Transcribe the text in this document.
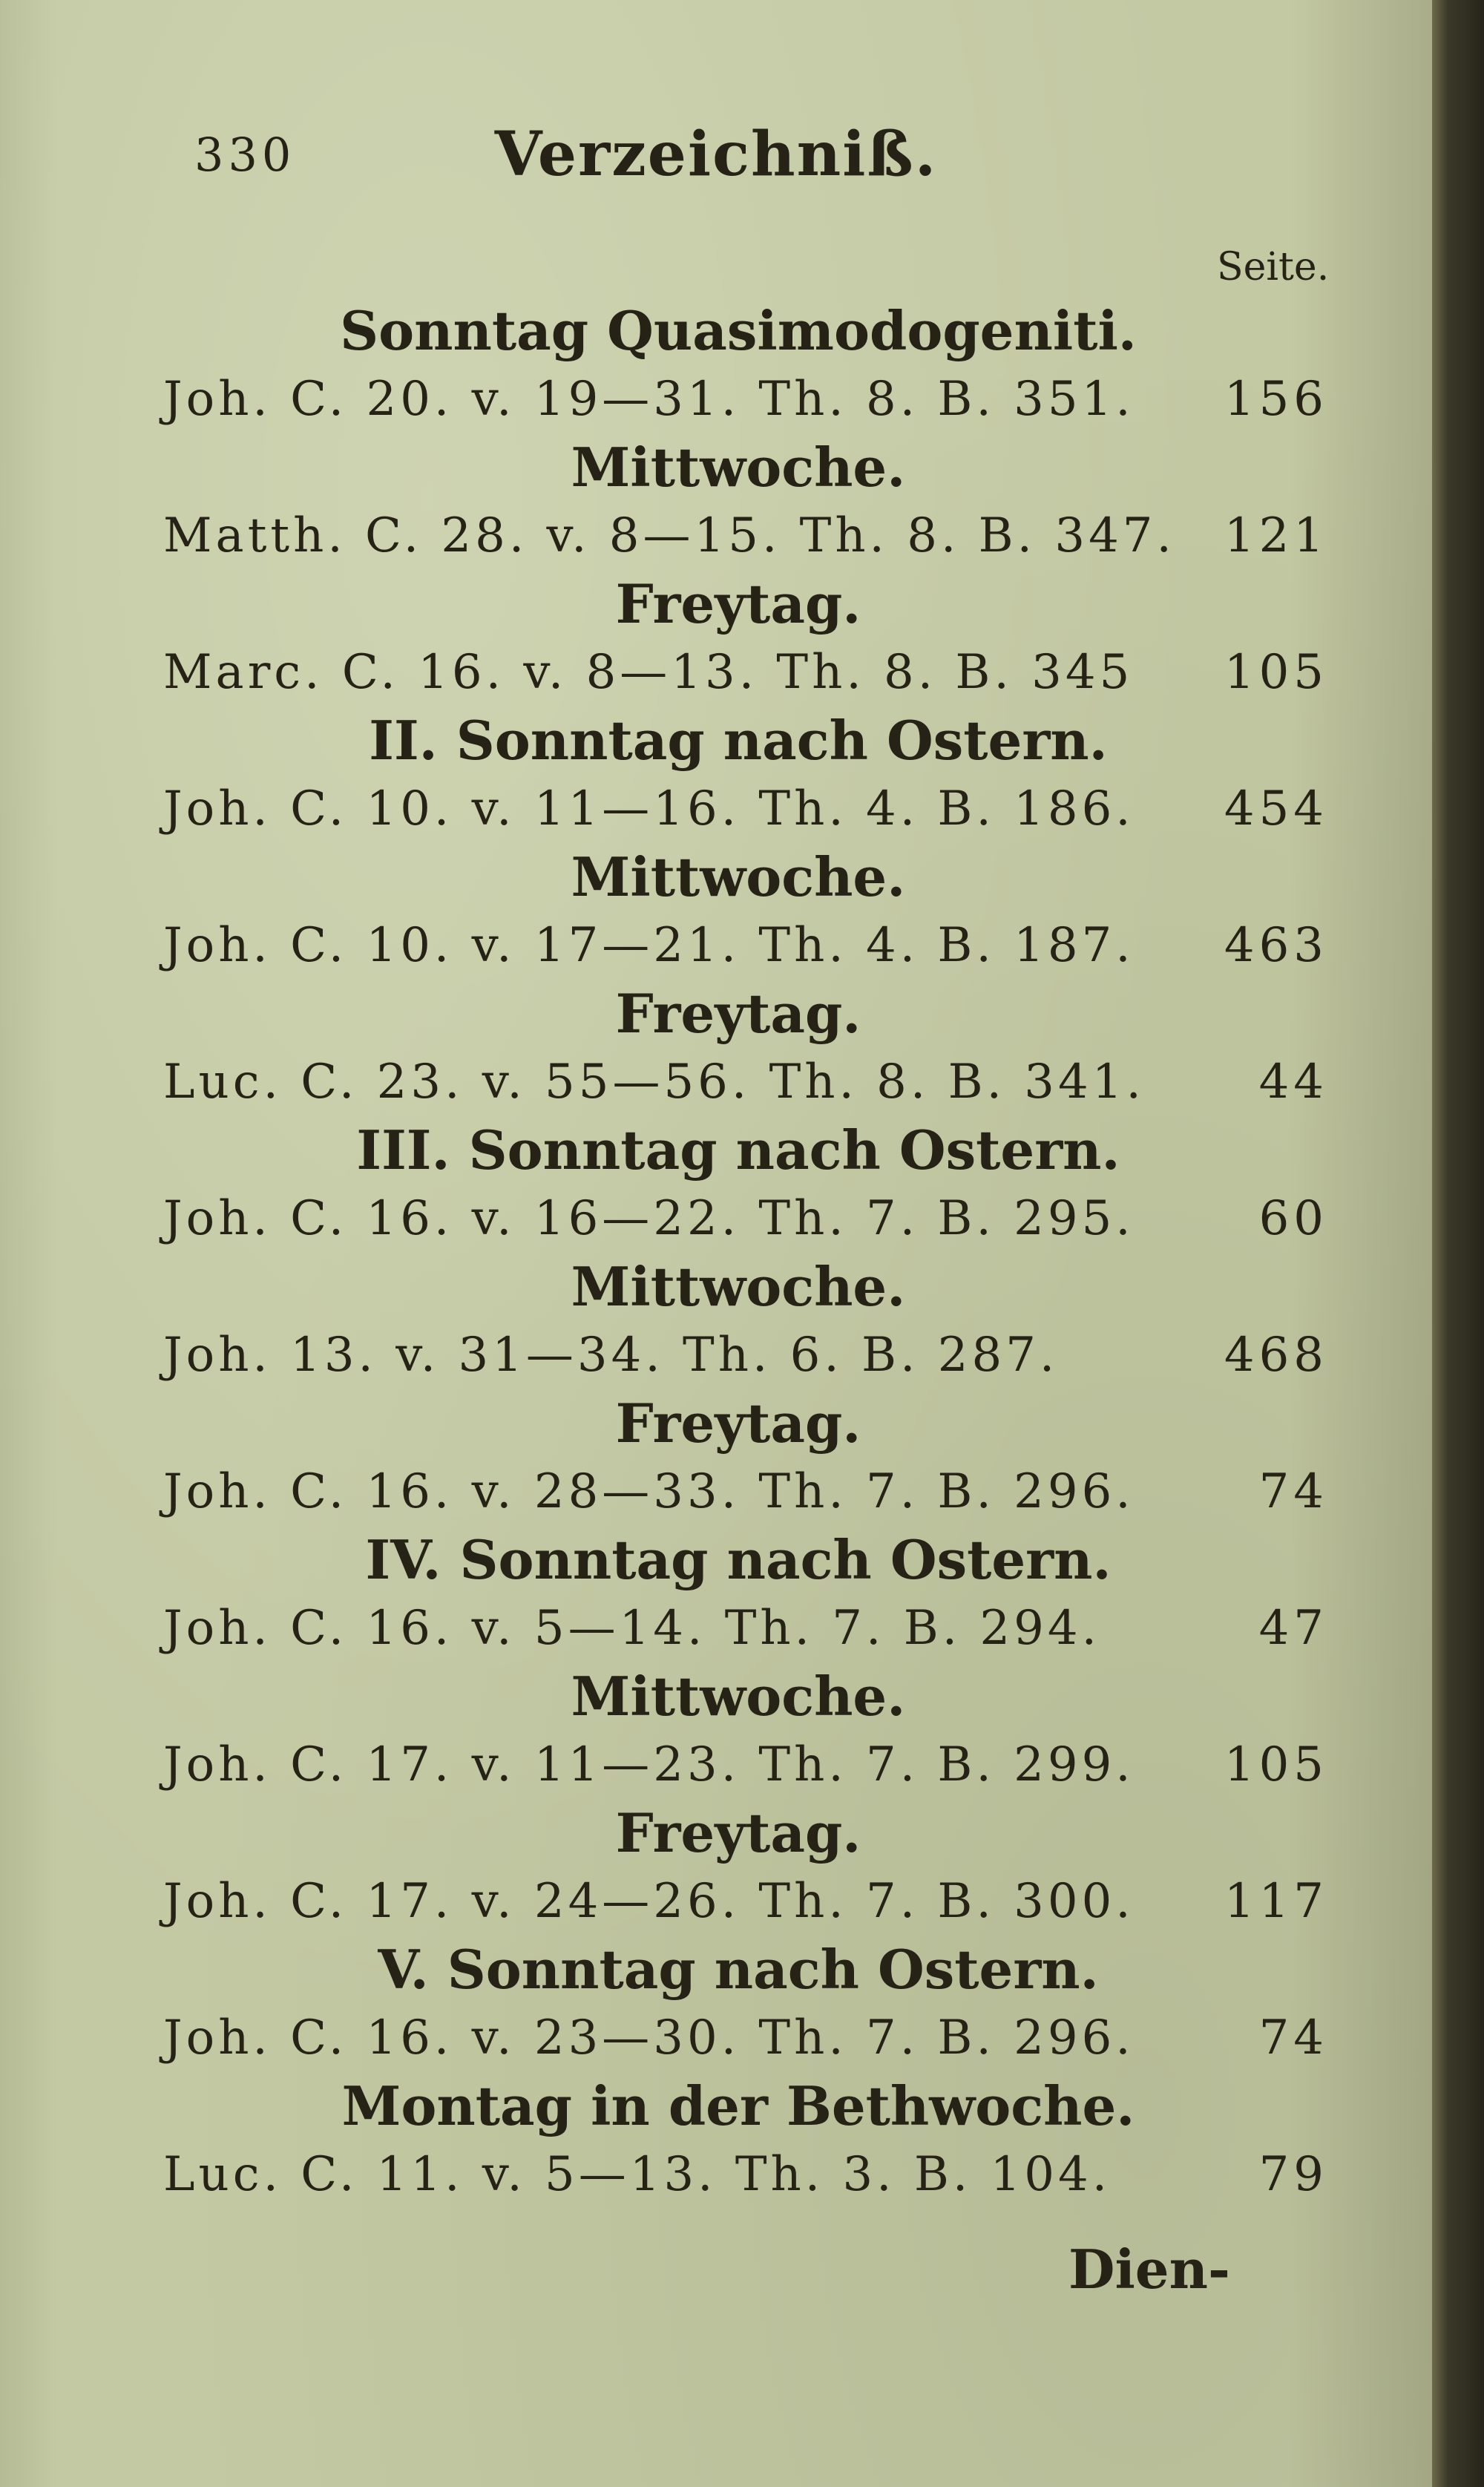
330	Verzeichniß.
Seite.
Sonntag Quasimodogeniti.
Joh. C. 20. v. 19—31. Th. 8. B. 351.	156
Mittwoche.
Matth. C. 28. v. 8—15. Th. 8. B. 347.	121
Freytag.
Marc. C. 16. v. 8—13. Th. 8. B. 345	105
II. Sonntag nach Ostern.
Joh. C. 10. v. 11—16. Th. 4. B. 186.	454
Mittwoche.
Joh. C. 10. v. 17—21. Th. 4. B. 187.	463
Freytag.
Luc. C. 23. v. 55—56. Th. 8. B. 341.	44
III. Sonntag nach Ostern.
Joh. C. 16. v. 16—22. Th. 7. B. 295.	60
Mittwoche.
Joh. 13. v. 31—34. Th. 6. B. 287.	468
Freytag.
Joh. C. 16. v. 28—33. Th. 7. B. 296.	74
IV. Sonntag nach Ostern.
Joh. C. 16. v. 5—14. Th. 7. B. 294.	47
Mittwoche.
Joh. C. 17. v. 11—23. Th. 7. B. 299.	105
Freytag.
Joh. C. 17. v. 24—26. Th. 7. B. 300.	117
V. Sonntag nach Ostern.
Joh. C. 16. v. 23—30. Th. 7. B. 296.	74
Montag in der Bethwoche.
Luc. C. 11. v. 5—13. Th. 3. B. 104.	79
Dien-
